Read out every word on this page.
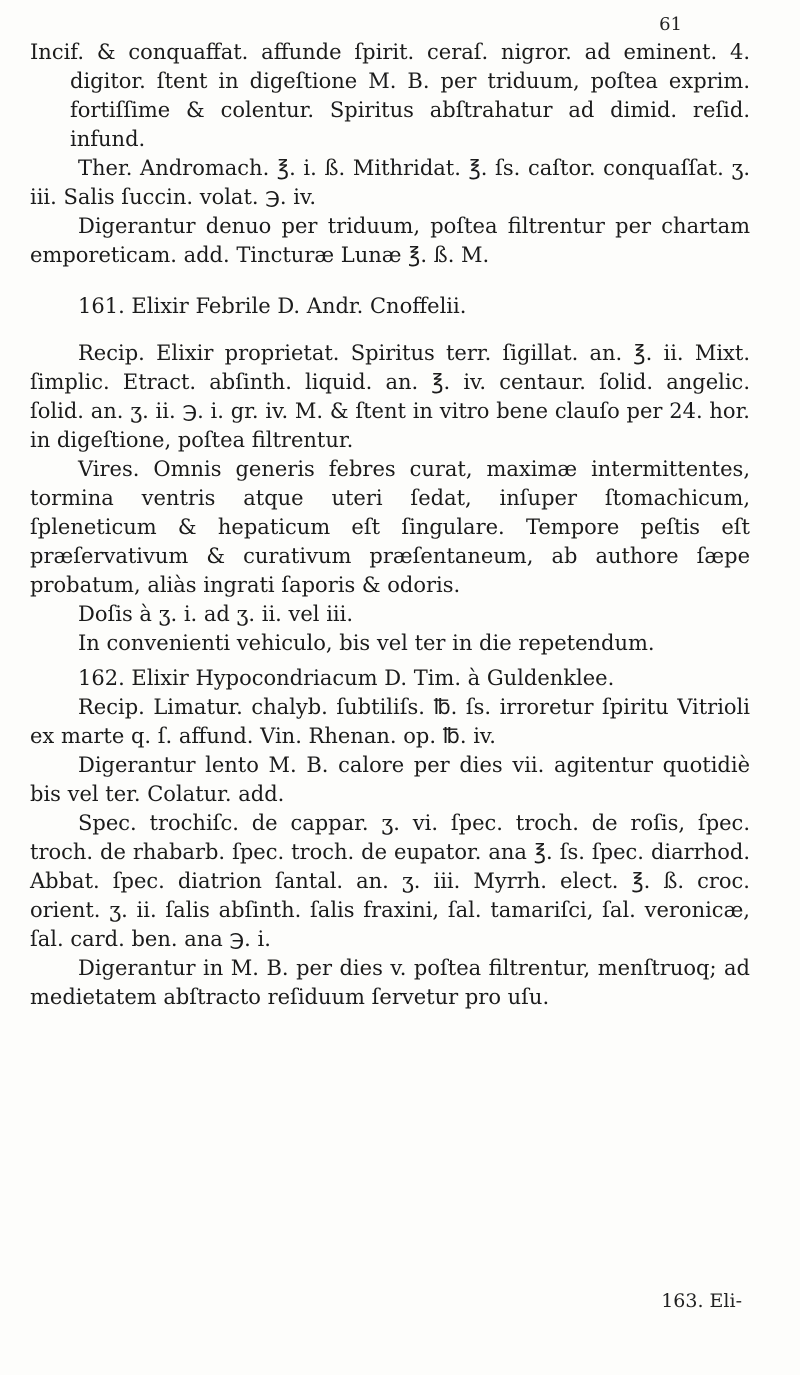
61

Incif. & conquaffat. affunde ſpirit. ceraſ. nigror. ad eminent. 4. digitor. ſtent in digeſtione M. B. per triduum, poſtea exprim. fortiſſime & colentur. Spiritus abſtrahatur ad dimid. reſid. infund.

Ther. Andromach. ℥. i. ß. Mithridat. ℥. ſs. caſtor. conquaſſat. ʒ. iii. Salis ſuccin. volat. ℈. iv.

Digerantur denuo per triduum, poſtea filtrentur per chartam emporeticam. add. Tincturæ Lunæ ℥. ß. M.

161. Elixir Febrile D. Andr. Cnoffelii.

Recip. Elixir proprietat. Spiritus terr. ſigillat. an. ℥. ii. Mixt. ſimplic. Etract. abſinth. liquid. an. ℥. iv. centaur. ſolid. angelic. ſolid. an. ʒ. ii. ℈. i. gr. iv. M. & ſtent in vitro bene clauſo per 24. hor. in digeſtione, poſtea filtrentur.

Vires. Omnis generis febres curat, maximæ intermittentes, tormina ventris atque uteri ſedat, inſuper ſtomachicum, ſpleneticum & hepaticum eſt ſingulare. Tempore peſtis eſt præſervativum & curativum præſentaneum, ab authore ſæpe probatum, aliàs ingrati ſaporis & odoris.

Doſis à ʒ. i. ad ʒ. ii. vel iii.

In convenienti vehiculo, bis vel ter in die repetendum.

162. Elixir Hypocondriacum D. Tim. à Guldenklee.

Recip. Limatur. chalyb. ſubtiliſs. ℔. ſs. irroretur ſpiritu Vitrioli ex marte q. ſ. affund. Vin. Rhenan. op. ℔. iv.

Digerantur lento M. B. calore per dies vii. agitentur quotidiè bis vel ter. Colatur. add.

Spec. trochiſc. de cappar. ʒ. vi. ſpec. troch. de roſis, ſpec. troch. de rhabarb. ſpec. troch. de eupator. ana ℥. ſs. ſpec. diarrhod. Abbat. ſpec. diatrion ſantal. an. ʒ. iii. Myrrh. elect. ℥. ß. croc. orient. ʒ. ii. ſalis abſinth. ſalis fraxini, ſal. tamariſci, ſal. veronicæ, ſal. card. ben. ana ℈. i.

Digerantur in M. B. per dies v. poſtea filtrentur, menſtruoq; ad medietatem abſtracto reſiduum ſervetur pro uſu.

163. Eli-
